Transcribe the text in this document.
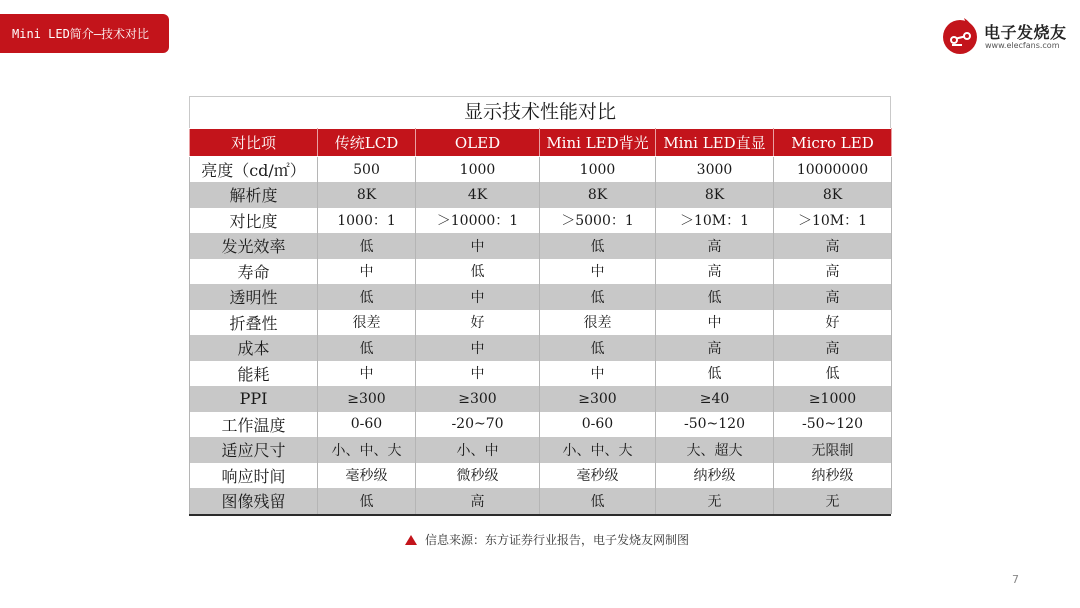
Mini LED简介–技术对比	电子发烧友
www.elecfans.com
显示技术性能对比
对比项	传统LCD	OLED	Mini LED背光	Mini LED直显	Micro LED
亮度（cd/㎡）	500	1000	1000	3000	10000000
解析度	8K	4K	8K	8K	8K
对比度	1000：1	＞10000：1	＞5000：1	＞10M：1	＞10M：1
发光效率	低	中	低	高	高
寿命	中	低	中	高	高
透明性	低	中	低	低	高
折叠性	很差	好	很差	中	好
成本	低	中	低	高	高
能耗	中	中	中	低	低
PPI	≥300	≥300	≥300	≥40	≥1000
工作温度	0-60	-20~70	0-60	-50~120	-50~120
适应尺寸	小、中、大	小、中	小、中、大	大、超大	无限制
响应时间	毫秒级	微秒级	毫秒级	纳秒级	纳秒级
图像残留	低	高	低	无	无
信息来源：东方证券行业报告，电子发烧友网制图
7
